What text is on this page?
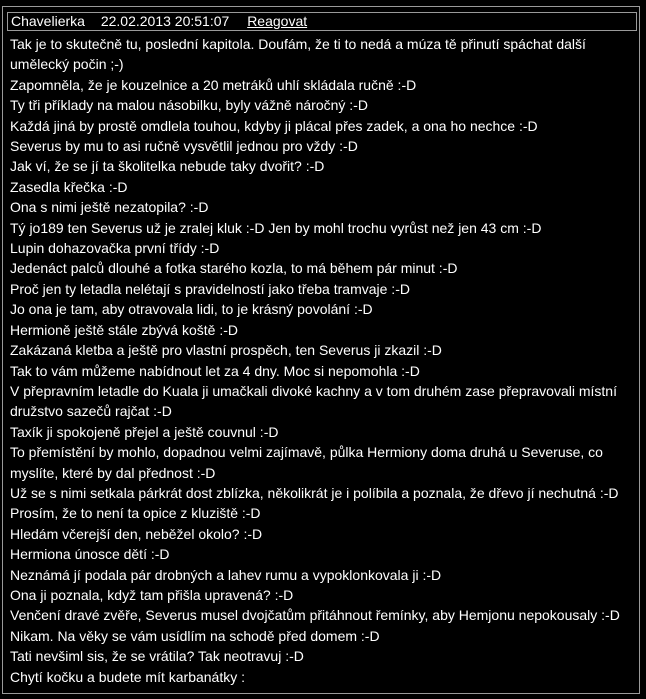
Chavelierka 22.02.2013 20:51:07 Reagovat
Tak je to skutečně tu, poslední kapitola. Doufám, že ti to nedá a múza tě přinutí spáchat další umělecký počin ;-)
Zapomněla, že je kouzelnice a 20 metráků uhlí skládala ručně :-D
Ty tři příklady na malou násobilku, byly vážně náročný :-D
Každá jiná by prostě omdlela touhou, kdyby ji plácal přes zadek, a ona ho nechce :-D
Severus by mu to asi ručně vysvětlil jednou pro vždy :-D
Jak ví, že se jí ta školitelka nebude taky dvořit? :-D
Zasedla křečka :-D
Ona s nimi ještě nezatopila? :-D
Tý jo189 ten Severus už je zralej kluk :-D Jen by mohl trochu vyrůst než jen 43 cm :-D
Lupin dohazovačka první třídy :-D
Jedenáct palců dlouhé a fotka starého kozla, to má během pár minut :-D
Proč jen ty letadla nelétají s pravidelností jako třeba tramvaje :-D
Jo ona je tam, aby otravovala lidi, to je krásný povolání :-D
Hermioně ještě stále zbývá koště :-D
Zakázaná kletba a ještě pro vlastní prospěch, ten Severus ji zkazil :-D
Tak to vám můžeme nabídnout let za 4 dny. Moc si nepomohla :-D
V přepravním letadle do Kuala ji umačkali divoké kachny a v tom druhém zase přepravovali místní družstvo sazečů rajčat :-D
Taxík ji spokojeně přejel a ještě couvnul :-D
To přemístění by mohlo, dopadnou velmi zajímavě, půlka Hermiony doma druhá u Severuse, co myslíte, které by dal přednost :-D
Už se s nimi setkala párkrát dost zblízka, několikrát je i políbila a poznala, že dřevo jí nechutná :-D
Prosím, že to není ta opice z kluziště :-D
Hledám včerejší den, neběžel okolo? :-D
Hermiona únosce dětí :-D
Neznámá jí podala pár drobných a lahev rumu a vypoklonkovala ji :-D
Ona ji poznala, když tam přišla upravená? :-D
Venčení dravé zvěře, Severus musel dvojčatům přitáhnout řemínky, aby Hemjonu nepokousaly :-D
Nikam. Na věky se vám usídlím na schodě před domem :-D
Tati nevšiml sis, že se vrátila? Tak neotravuj :-D
Chytí kočku a budete mít karbanátky :
